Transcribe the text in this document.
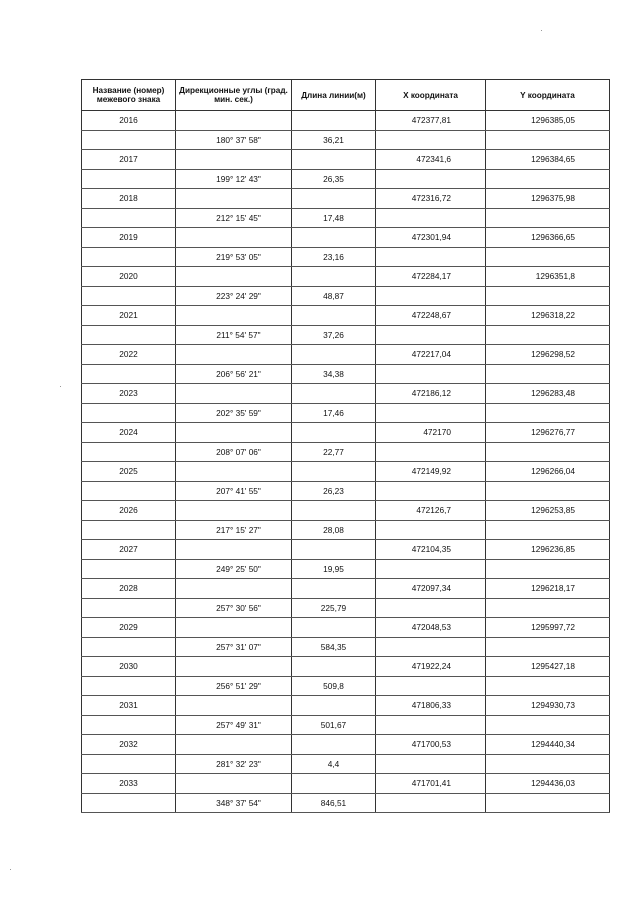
Название (номер) межевого знака	Дирекционные углы (град. мин. сек.)	Длина линии(м)	X координата	Y координата
2016			472377,81	1296385,05
	180° 37' 58"	36,21		
2017			472341,6	1296384,65
	199° 12' 43"	26,35		
2018			472316,72	1296375,98
	212° 15' 45"	17,48		
2019			472301,94	1296366,65
	219° 53' 05"	23,16		
2020			472284,17	1296351,8
	223° 24' 29"	48,87		
2021			472248,67	1296318,22
	211° 54' 57"	37,26		
2022			472217,04	1296298,52
	206° 56' 21"	34,38		
2023			472186,12	1296283,48
	202° 35' 59"	17,46		
2024			472170	1296276,77
	208° 07' 06"	22,77		
2025			472149,92	1296266,04
	207° 41' 55"	26,23		
2026			472126,7	1296253,85
	217° 15' 27"	28,08		
2027			472104,35	1296236,85
	249° 25' 50"	19,95		
2028			472097,34	1296218,17
	257° 30' 56"	225,79		
2029			472048,53	1295997,72
	257° 31' 07"	584,35		
2030			471922,24	1295427,18
	256° 51' 29"	509,8		
2031			471806,33	1294930,73
	257° 49' 31"	501,67		
2032			471700,53	1294440,34
	281° 32' 23"	4,4		
2033			471701,41	1294436,03
	348° 37' 54"	846,51		
